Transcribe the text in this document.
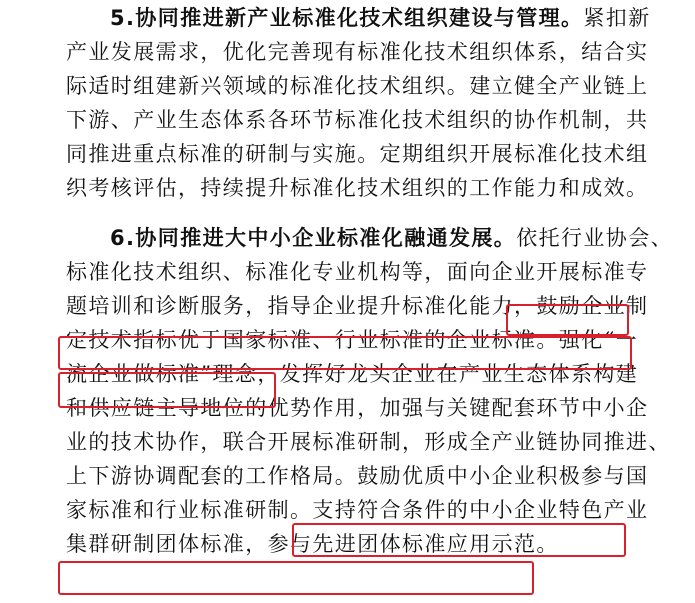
5.协同推进新产业标准化技术组织建设与管理。紧扣新
产业发展需求，优化完善现有标准化技术组织体系，结合实
际适时组建新兴领域的标准化技术组织。建立健全产业链上
下游、产业生态体系各环节标准化技术组织的协作机制，共
同推进重点标准的研制与实施。定期组织开展标准化技术组
织考核评估，持续提升标准化技术组织的工作能力和成效。
6.协同推进大中小企业标准化融通发展。依托行业协会、
标准化技术组织、标准化专业机构等，面向企业开展标准专
题培训和诊断服务，指导企业提升标准化能力，鼓励企业制
定技术指标优于国家标准、行业标准的企业标准。强化“一
流企业做标准”理念，发挥好龙头企业在产业生态体系构建
和供应链主导地位的优势作用，加强与关键配套环节中小企
业的技术协作，联合开展标准研制，形成全产业链协同推进、
上下游协调配套的工作格局。鼓励优质中小企业积极参与国
家标准和行业标准研制。支持符合条件的中小企业特色产业
集群研制团体标准，参与先进团体标准应用示范。
